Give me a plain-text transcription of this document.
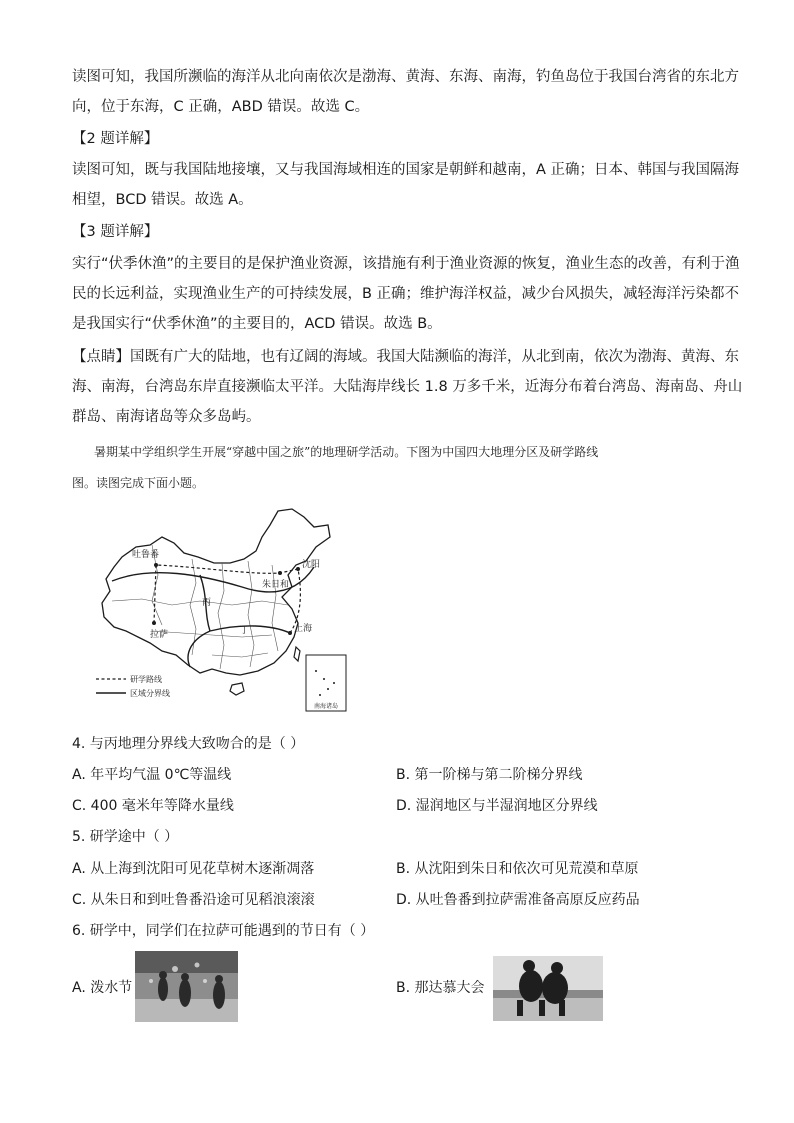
读图可知，我国所濒临的海洋从北向南依次是渤海、黄海、东海、南海，钓鱼岛位于我国台湾省的东北方
向，位于东海，C 正确，ABD 错误。故选 C。
【2 题详解】
读图可知，既与我国陆地接壤，又与我国海域相连的国家是朝鲜和越南，A 正确；日本、韩国与我国隔海
相望，BCD 错误。故选 A。
【3 题详解】
实行“伏季休渔”的主要目的是保护渔业资源，该措施有利于渔业资源的恢复，渔业生态的改善，有利于渔
民的长远利益，实现渔业生产的可持续发展，B 正确；维护海洋权益，减少台风损失，减轻海洋污染都不
是我国实行“伏季休渔”的主要目的，ACD 错误。故选 B。
【点睛】国既有广大的陆地，也有辽阔的海域。我国大陆濒临的海洋，从北到南，依次为渤海、黄海、东
海、南海，台湾岛东岸直接濒临太平洋。大陆海岸线长 1.8 万多千米，近海分布着台湾岛、海南岛、舟山
群岛、南海诸岛等众多岛屿。
暑期某中学组织学生开展“穿越中国之旅”的地理研学活动。下图为中国四大地理分区及研学路线
图。读图完成下面小题。
吐鲁番
拉萨
沈阳
朱日和
上海
丙
丁
南海诸岛
研学路线
区域分界线
4. 与丙地理分界线大致吻合的是（ ）
A. 年平均气温 0℃等温线	B. 第一阶梯与第二阶梯分界线
C. 400 毫米年等降水量线	D. 湿润地区与半湿润地区分界线
5. 研学途中（ ）
A. 从上海到沈阳可见花草树木逐渐凋落	B. 从沈阳到朱日和依次可见荒漠和草原
C. 从朱日和到吐鲁番沿途可见稻浪滚滚	D. 从吐鲁番到拉萨需准备高原反应药品
6. 研学中，同学们在拉萨可能遇到的节日有（ ）
A. 泼水节	B. 那达慕大会
